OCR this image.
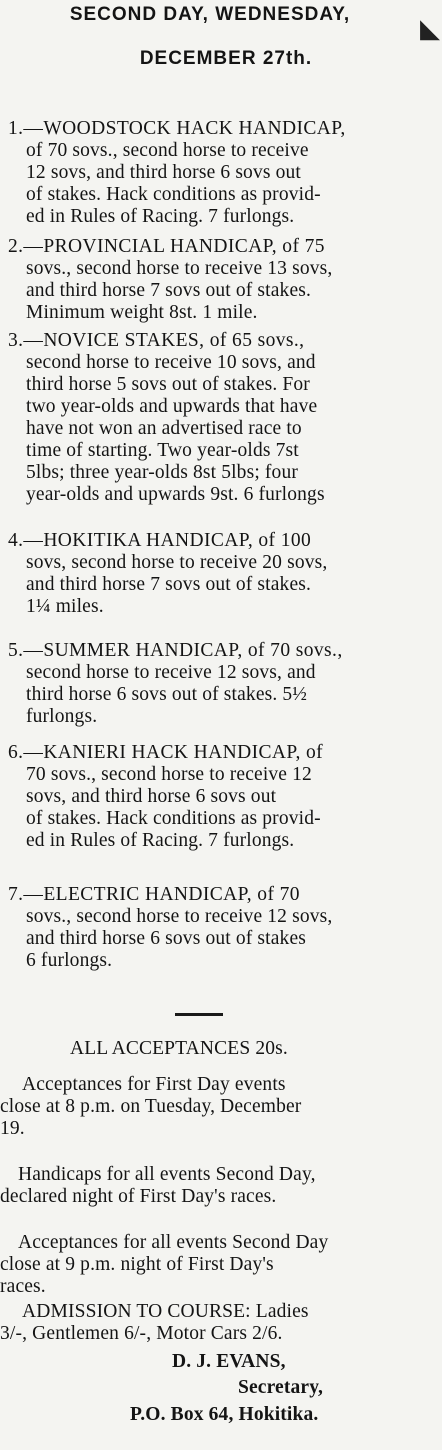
SECOND DAY, WEDNESDAY,
DECEMBER 27th.
◣
1.—WOODSTOCK HACK HANDICAP,
of 70 sovs., second horse to receive
12 sovs, and third horse 6 sovs out
of stakes. Hack conditions as provid-
ed in Rules of Racing. 7 furlongs.
2.—PROVINCIAL HANDICAP, of 75
sovs., second horse to receive 13 sovs,
and third horse 7 sovs out of stakes.
Minimum weight 8st. 1 mile.
3.—NOVICE STAKES, of 65 sovs.,
second horse to receive 10 sovs, and
third horse 5 sovs out of stakes. For
two year-olds and upwards that have
have not won an advertised race to
time of starting. Two year-olds 7st
5lbs; three year-olds 8st 5lbs; four
year-olds and upwards 9st. 6 furlongs
4.—HOKITIKA HANDICAP, of 100
sovs, second horse to receive 20 sovs,
and third horse 7 sovs out of stakes.
1¼ miles.
5.—SUMMER HANDICAP, of 70 sovs.,
second horse to receive 12 sovs, and
third horse 6 sovs out of stakes. 5½
furlongs.
6.—KANIERI HACK HANDICAP, of
70 sovs., second horse to receive 12
sovs, and third horse 6 sovs out
of stakes. Hack conditions as provid-
ed in Rules of Racing. 7 furlongs.
7.—ELECTRIC HANDICAP, of 70
sovs., second horse to receive 12 sovs,
and third horse 6 sovs out of stakes
6 furlongs.
ALL ACCEPTANCES 20s.
Acceptances for First Day events
close at 8 p.m. on Tuesday, December
19.
Handicaps for all events Second Day,
declared night of First Day's races.
Acceptances for all events Second Day
close at 9 p.m. night of First Day's
races.
ADMISSION TO COURSE: Ladies
3/-, Gentlemen 6/-, Motor Cars 2/6.
D. J. EVANS,
Secretary,
P.O. Box 64, Hokitika.
